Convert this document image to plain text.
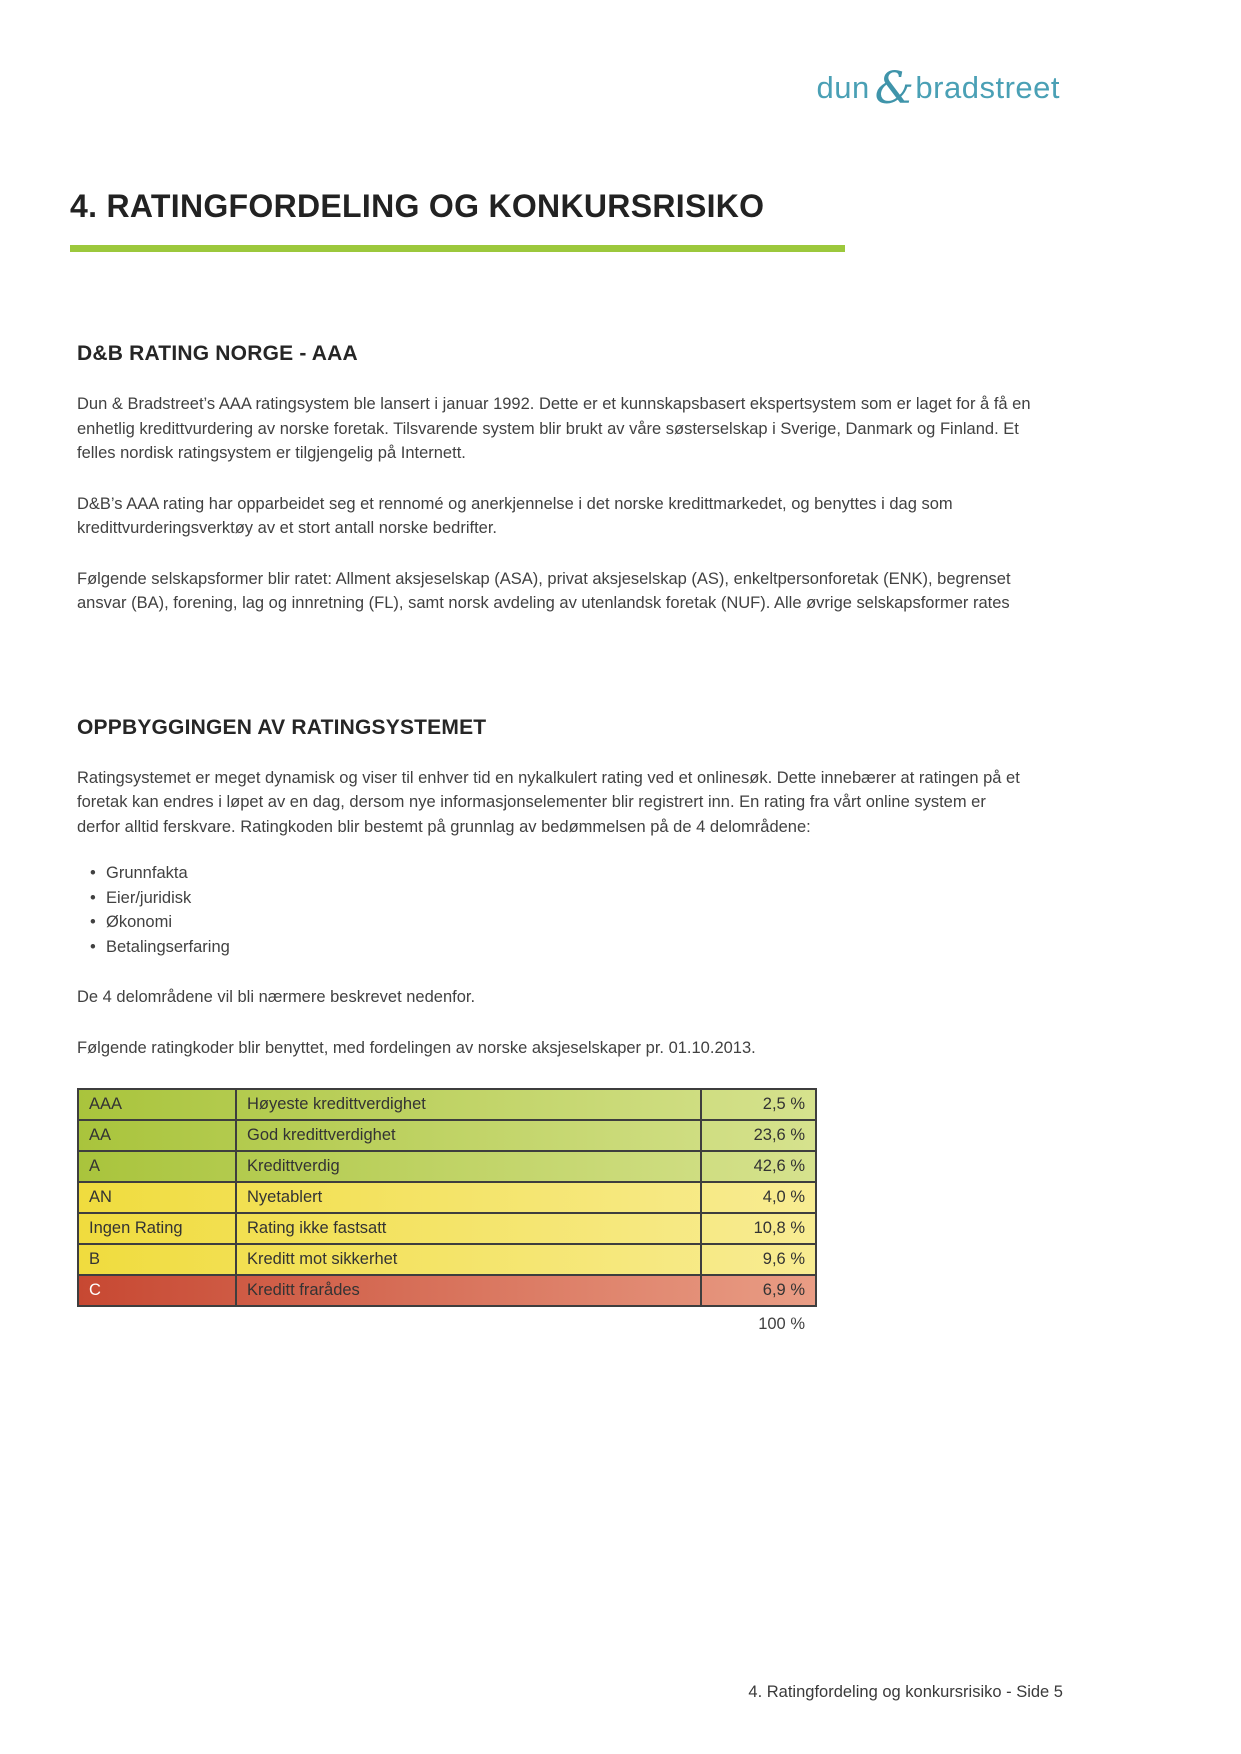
dun & bradstreet
4. RATINGFORDELING OG KONKURSRISIKO
D&B RATING NORGE - AAA

Dun & Bradstreet’s AAA ratingsystem ble lansert i januar 1992. Dette er et kunnskapsbasert ekspertsystem som er laget for å få en enhetlig kredittvurdering av norske foretak. Tilsvarende system blir brukt av våre søsterselskap i Sverige, Danmark og Finland. Et felles nordisk ratingsystem er tilgjengelig på Internett.

D&B’s AAA rating har opparbeidet seg et rennomé og anerkjennelse i det norske kredittmarkedet, og benyttes i dag som kredittvurderingsverktøy av et stort antall norske bedrifter.

Følgende selskapsformer blir ratet: Allment aksjeselskap (ASA), privat aksjeselskap (AS), enkeltpersonforetak (ENK), begrenset ansvar (BA), forening, lag og innretning (FL), samt norsk avdeling av utenlandsk foretak (NUF). Alle øvrige selskapsformer rates

OPPBYGGINGEN AV RATINGSYSTEMET

Ratingsystemet er meget dynamisk og viser til enhver tid en nykalkulert rating ved et onlinesøk. Dette innebærer at ratingen på et foretak kan endres i løpet av en dag, dersom nye informasjonselementer blir registrert inn. En rating fra vårt online system er derfor alltid ferskvare. Ratingkoden blir bestemt på grunnlag av bedømmelsen på de 4 delområdene:

• Grunnfakta
• Eier/juridisk
• Økonomi
• Betalingserfaring

De 4 delområdene vil bli nærmere beskrevet nedenfor.

Følgende ratingkoder blir benyttet, med fordelingen av norske aksjeselskaper pr. 01.10.2013.

AAA	Høyeste kredittverdighet	2,5 %
AA	God kredittverdighet	23,6 %
A	Kredittverdig	42,6 %
AN	Nyetablert	4,0 %
Ingen Rating	Rating ikke fastsatt	10,8 %
B	Kreditt mot sikkerhet	9,6 %
C	Kreditt frarådes	6,9 %
100 %
4. Ratingfordeling og konkursrisiko - Side 5
